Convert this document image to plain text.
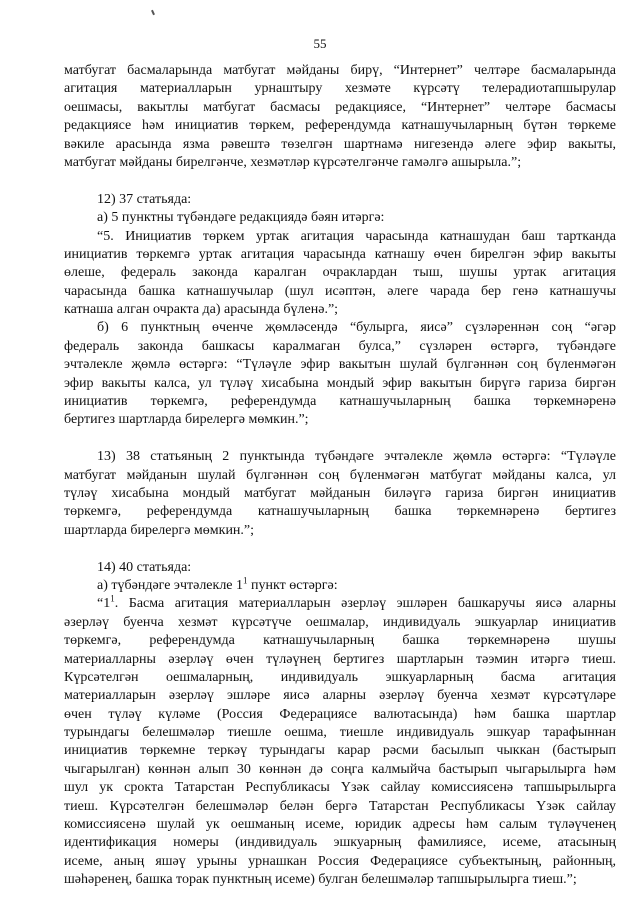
55
матбугат басмаларында матбугат мәйданы бирү, “Интернет” челтәре басмаларында
агитация материалларын урнаштыру хезмәте күрсәтү телерадиотапшырулар
оешмасы, вакытлы матбугат басмасы редакциясе, “Интернет” челтәре басмасы
редакциясе һәм инициатив төркем, референдумда катнашучыларның бүтән төркеме
вәкиле арасында язма рәвештә төзелгән шартнамә нигезендә әлеге эфир вакыты,
матбугат мәйданы бирелгәнче, хезмәтләр күрсәтелгәнче гамәлгә ашырыла.”;
12) 37 статьяда:
а) 5 пунктны түбәндәге редакциядә бәян итәргә:
“5. Инициатив төркем уртак агитация чарасында катнашудан баш тартканда
инициатив төркемгә уртак агитация чарасында катнашу өчен бирелгән эфир вакыты
өлеше, федераль законда каралган очраклардан тыш, шушы уртак агитация
чарасында башка катнашучылар (шул исәптән, әлеге чарада бер генә катнашучы
катнаша алган очракта да) арасында бүленә.”;
б) 6 пунктның өченче җөмләсендә “булырга, яисә” сүзләреннән соң “әгәр
федераль законда башкасы каралмаган булса,” сүзләрен өстәргә, түбәндәге
эчтәлекле җөмлә өстәргә: “Түләүле эфир вакытын шулай бүлгәннән соң бүленмәгән
эфир вакыты калса, ул түләү хисабына мондый эфир вакытын бирүгә гариза биргән
инициатив төркемгә, референдумда катнашучыларның башка төркемнәренә
бертигез шартларда бирелергә мөмкин.”;
13) 38 статьяның 2 пунктында түбәндәге эчтәлекле җөмлә өстәргә: “Түләүле
матбугат мәйданын шулай бүлгәннән соң бүленмәгән матбугат мәйданы калса, ул
түләү хисабына мондый матбугат мәйданын биләүгә гариза биргән инициатив
төркемгә, референдумда катнашучыларның башка төркемнәренә бертигез
шартларда бирелергә мөмкин.”;
14) 40 статьяда:
а) түбәндәге эчтәлекле $1^1$ пункт өстәргә:
“$1^1$. Басма агитация материалларын әзерләү эшләрен башкаручы яисә аларны
әзерләү буенча хезмәт күрсәтүче оешмалар, индивидуаль эшкуарлар инициатив
төркемгә, референдумда катнашучыларның башка төркемнәренә шушы
материалларны әзерләү өчен түләүнең бертигез шартларын тәэмин итәргә тиеш.
Күрсәтелгән оешмаларның, индивидуаль эшкуарларның басма агитация
материалларын әзерләү эшләре яисә аларны әзерләү буенча хезмәт күрсәтүләре
өчен түләү күләме (Россия Федерациясе валютасында) һәм башка шартлар
турындагы белешмәләр тиешле оешма, тиешле индивидуаль эшкуар тарафыннан
инициатив төркемне теркәү турындагы карар рәсми басылып чыккан (бастырып
чыгарылган) көннән алып 30 көннән дә соңга калмыйча бастырып чыгарылырга һәм
шул ук срокта Татарстан Республикасы Үзәк сайлау комиссиясенә тапшырылырга
тиеш. Күрсәтелгән белешмәләр белән бергә Татарстан Республикасы Үзәк сайлау
комиссиясенә шулай ук оешманың исеме, юридик адресы һәм салым түләүченең
идентификация номеры (индивидуаль эшкуарның фамилиясе, исеме, атасының
исеме, аның яшәү урыны урнашкан Россия Федерациясе субъектының, районның,
шәһәренең, башка торак пунктның исеме) булган белешмәләр тапшырылырга тиеш.”;
